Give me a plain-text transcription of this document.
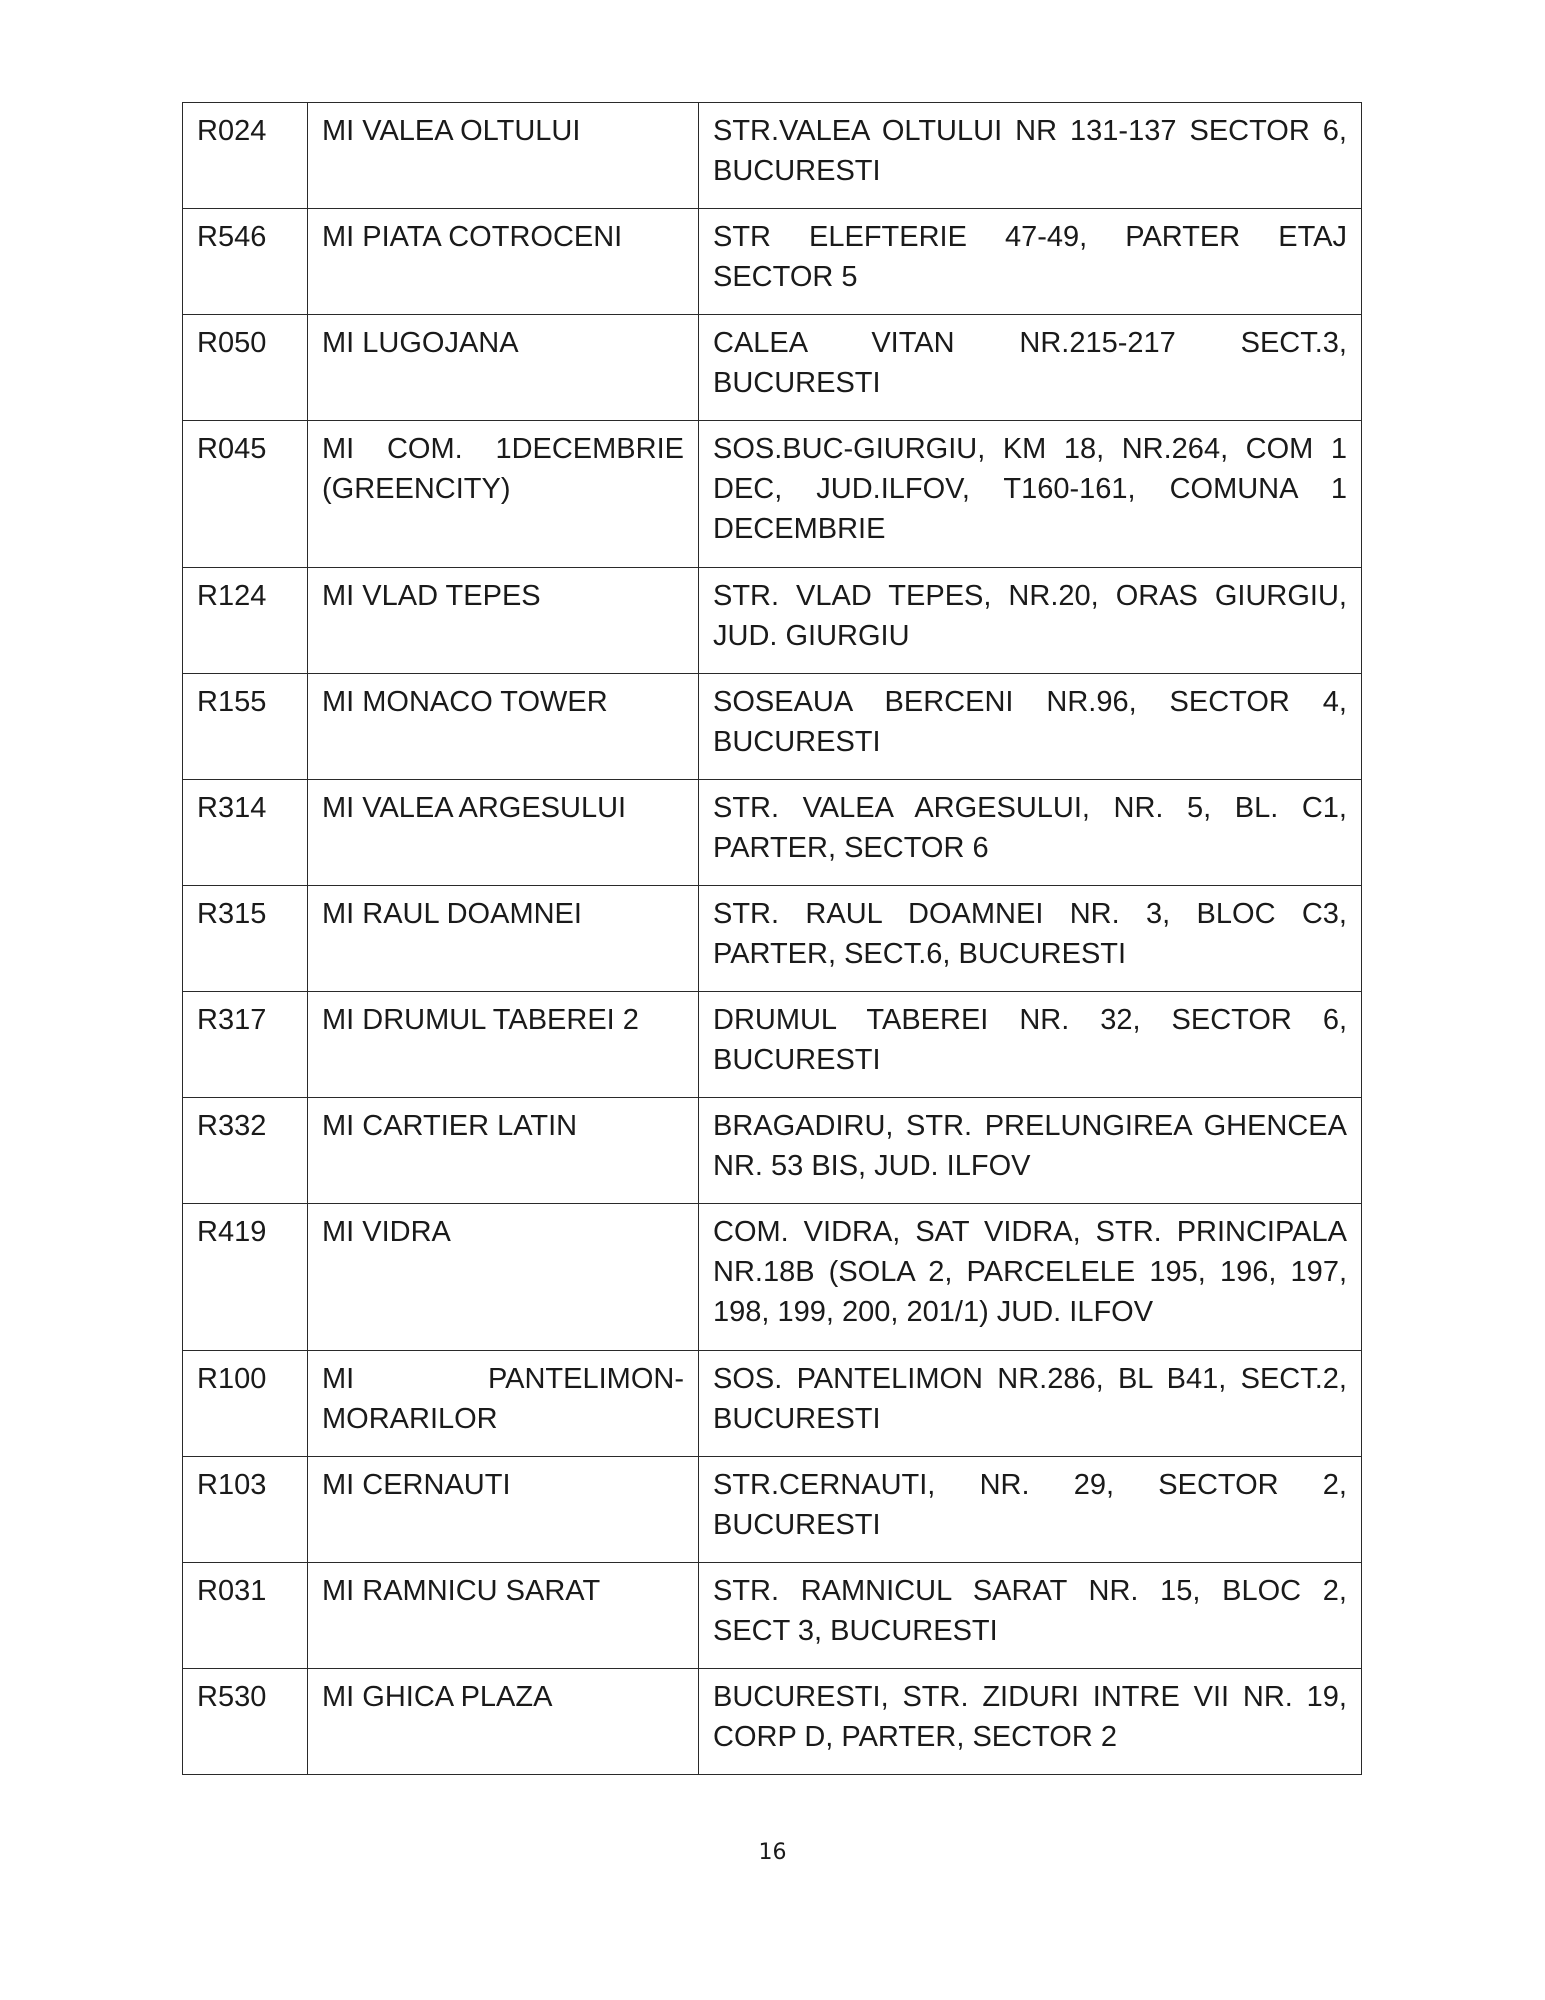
R024	MI VALEA OLTULUI	STR.VALEA OLTULUI NR 131-137 SECTOR 6, BUCURESTI
R546	MI PIATA COTROCENI	STR ELEFTERIE 47-49, PARTER ETAJ SECTOR 5
R050	MI LUGOJANA	CALEA VITAN NR.215-217 SECT.3, BUCURESTI
R045	MI COM. 1DECEMBRIE (GREENCITY)	SOS.BUC-GIURGIU, KM 18, NR.264, COM 1 DEC, JUD.ILFOV, T160-161, COMUNA 1 DECEMBRIE
R124	MI VLAD TEPES	STR. VLAD TEPES, NR.20, ORAS GIURGIU, JUD. GIURGIU
R155	MI MONACO TOWER	SOSEAUA BERCENI NR.96, SECTOR 4, BUCURESTI
R314	MI VALEA ARGESULUI	STR. VALEA ARGESULUI, NR. 5, BL. C1, PARTER, SECTOR 6
R315	MI RAUL DOAMNEI	STR. RAUL DOAMNEI NR. 3, BLOC C3, PARTER, SECT.6, BUCURESTI
R317	MI DRUMUL TABEREI 2	DRUMUL TABEREI NR. 32, SECTOR 6, BUCURESTI
R332	MI CARTIER LATIN	BRAGADIRU, STR. PRELUNGIREA GHENCEA NR. 53 BIS, JUD. ILFOV
R419	MI VIDRA	COM. VIDRA, SAT VIDRA, STR. PRINCIPALA NR.18B (SOLA 2, PARCELELE 195, 196, 197, 198, 199, 200, 201/1) JUD. ILFOV
R100	MI PANTELIMON-MORARILOR	SOS. PANTELIMON NR.286, BL B41, SECT.2, BUCURESTI
R103	MI CERNAUTI	STR.CERNAUTI, NR. 29, SECTOR 2, BUCURESTI
R031	MI RAMNICU SARAT	STR. RAMNICUL SARAT NR. 15, BLOC 2, SECT 3, BUCURESTI
R530	MI GHICA PLAZA	BUCURESTI, STR. ZIDURI INTRE VII NR. 19, CORP D, PARTER, SECTOR 2
16
